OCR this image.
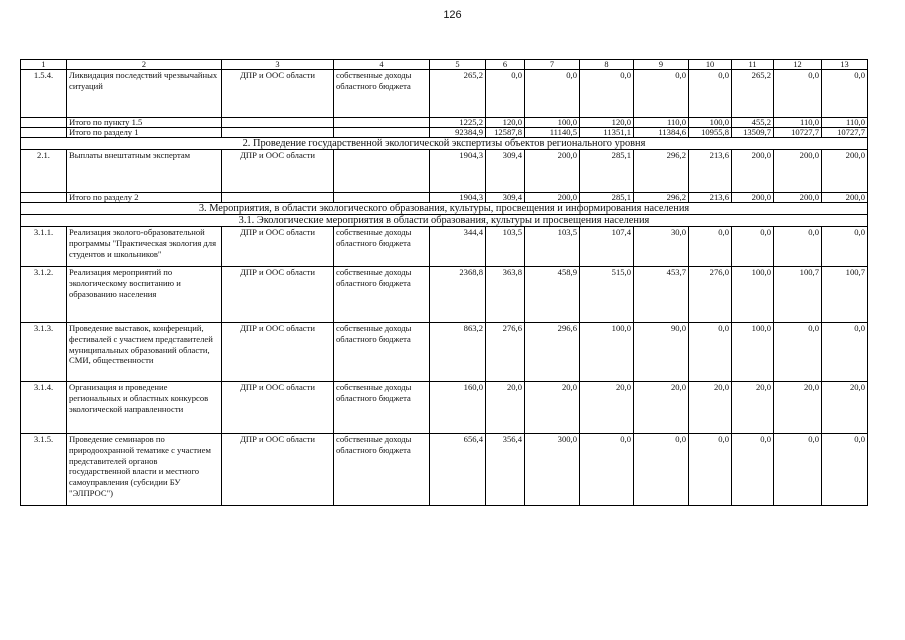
126
1	2	3	4	5	6	7	8	9	10	11	12	13
1.5.4.	Ликвидация последствий чрезвычайных ситуаций	ДПР и ООС области	собственные доходы областного бюджета	265,2	0,0	0,0	0,0	0,0	0,0	265,2	0,0	0,0
	Итого по пункту 1.5			1225,2	120,0	100,0	120,0	110,0	100,0	455,2	110,0	110,0
	Итого по разделу 1			92384,9	12587,8	11140,5	11351,1	11384,6	10955,8	13509,7	10727,7	10727,7
2. Проведение государственной экологической экспертизы объектов регионального уровня												
2.1.	Выплаты внештатным экспертам	ДПР и ООС области		1904,3	309,4	200,0	285,1	296,2	213,6	200,0	200,0	200,0
	Итого по разделу 2			1904,3	309,4	200,0	285,1	296,2	213,6	200,0	200,0	200,0
3. Мероприятия, в области экологического образования, культуры, просвещения и информирования населения												
3.1. Экологические мероприятия в области образования, культуры и просвещения населения												
3.1.1.	Реализация эколого-образовательной программы "Практическая экология для студентов и школьников"	ДПР и ООС области	собственные доходы областного бюджета	344,4	103,5	103,5	107,4	30,0	0,0	0,0	0,0	0,0
3.1.2.	Реализация мероприятий по экологическому воспитанию и образованию населения	ДПР и ООС области	собственные доходы областного бюджета	2368,8	363,8	458,9	515,0	453,7	276,0	100,0	100,7	100,7
3.1.3.	Проведение выставок, конференций, фестивалей с участием представителей муниципальных образований области, СМИ, общественности	ДПР и ООС области	собственные доходы областного бюджета	863,2	276,6	296,6	100,0	90,0	0,0	100,0	0,0	0,0
3.1.4.	Организация и проведение региональных и областных конкурсов экологической направленности	ДПР и ООС области	собственные доходы областного бюджета	160,0	20,0	20,0	20,0	20,0	20,0	20,0	20,0	20,0
3.1.5.	Проведение семинаров по природоохранной тематике с участием представителей органов государственной власти и местного самоуправления (субсидии БУ "ЭЛПРОС")	ДПР и ООС области	собственные доходы областного бюджета	656,4	356,4	300,0	0,0	0,0	0,0	0,0	0,0	0,0
